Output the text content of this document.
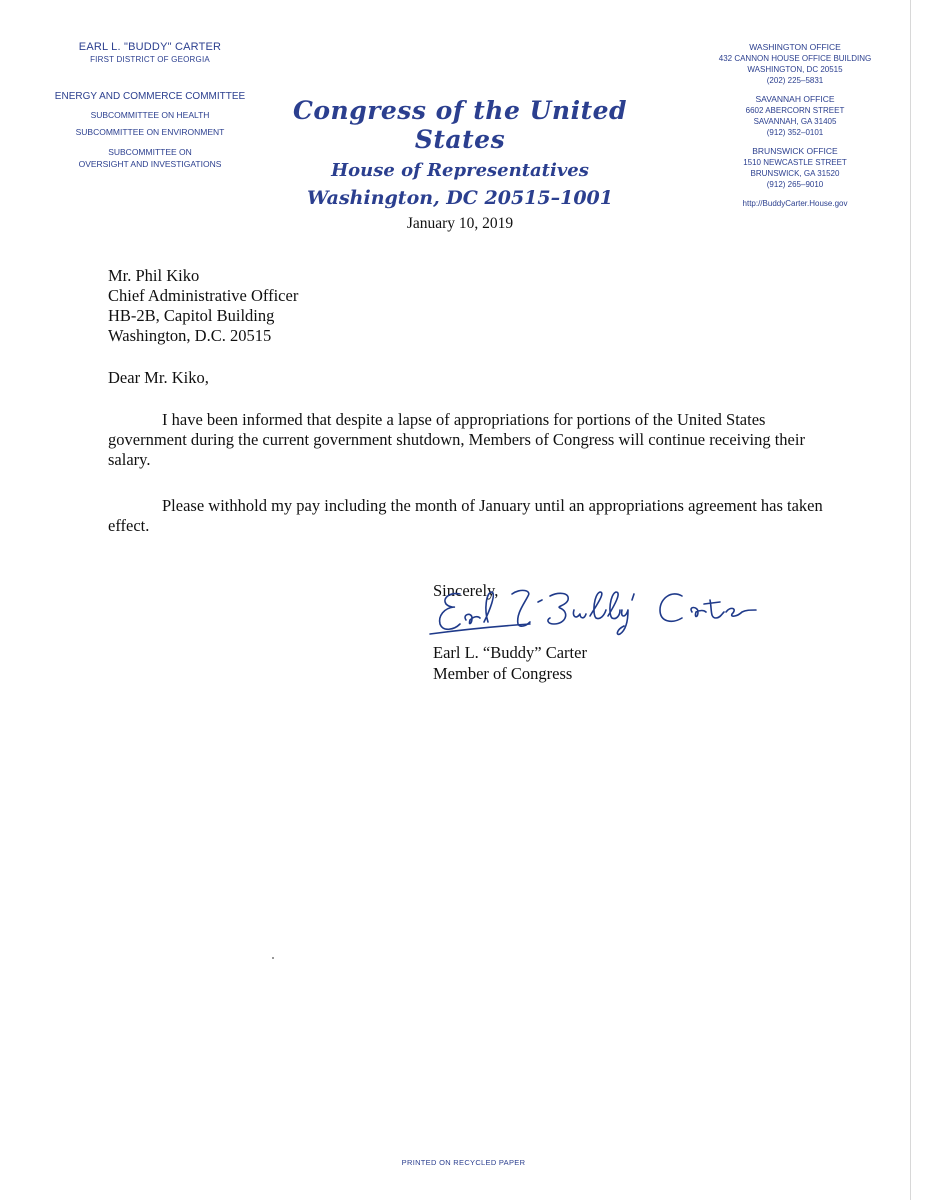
EARL L. "BUDDY" CARTER
FIRST DISTRICT OF GEORGIA
ENERGY AND COMMERCE COMMITTEE
SUBCOMMITTEE ON HEALTH
SUBCOMMITTEE ON ENVIRONMENT
SUBCOMMITTEE ON
OVERSIGHT AND INVESTIGATIONS
Congress of the United States
House of Representatives
Washington, DC 20515–1001
January 10, 2019
WASHINGTON OFFICE
432 CANNON HOUSE OFFICE BUILDING
WASHINGTON, DC 20515
(202) 225–5831
SAVANNAH OFFICE
6602 ABERCORN STREET
SAVANNAH, GA 31405
(912) 352–0101
BRUNSWICK OFFICE
1510 NEWCASTLE STREET
BRUNSWICK, GA 31520
(912) 265–9010
http://BuddyCarter.House.gov
Mr. Phil Kiko
Chief Administrative Officer
HB-2B, Capitol Building
Washington, D.C. 20515
Dear Mr. Kiko,
I have been informed that despite a lapse of appropriations for portions of the United States government during the current government shutdown, Members of Congress will continue receiving their salary.
Please withhold my pay including the month of January until an appropriations agreement has taken effect.
Sincerely,
Earl L. “Buddy” Carter
Member of Congress
PRINTED ON RECYCLED PAPER
